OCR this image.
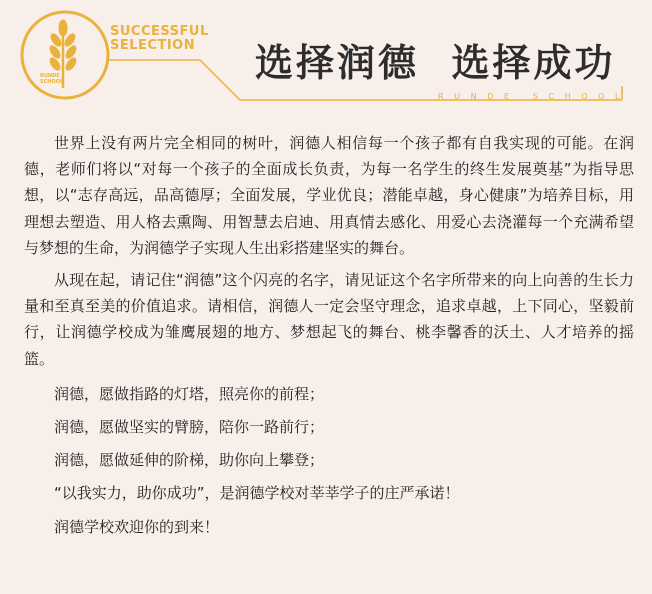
SUCCESSFUL
SELECTION
RUNDE
SCHOOL	选择润德  选择成功
RUNDE SCHOOL

世界上没有两片完全相同的树叶，润德人相信每一个孩子都有自我实现的可能。在润德，老师们将以“对每一个孩子的全面成长负责，为每一名学生的终生发展奠基”为指导思想，以“志存高远，品高德厚；全面发展，学业优良；潜能卓越，身心健康”为培养目标，用理想去塑造、用人格去熏陶、用智慧去启迪、用真情去感化、用爱心去浇灌每一个充满希望与梦想的生命，为润德学子实现人生出彩搭建坚实的舞台。

从现在起，请记住“润德”这个闪亮的名字，请见证这个名字所带来的向上向善的生长力量和至真至美的价值追求。请相信，润德人一定会坚守理念，追求卓越，上下同心，坚毅前行，让润德学校成为雏鹰展翅的地方、梦想起飞的舞台、桃李馨香的沃土、人才培养的摇篮。

润德，愿做指路的灯塔，照亮你的前程；

润德，愿做坚实的臂膀，陪你一路前行；

润德，愿做延伸的阶梯，助你向上攀登；

“以我实力，助你成功”，是润德学校对莘莘学子的庄严承诺！

润德学校欢迎你的到来！
